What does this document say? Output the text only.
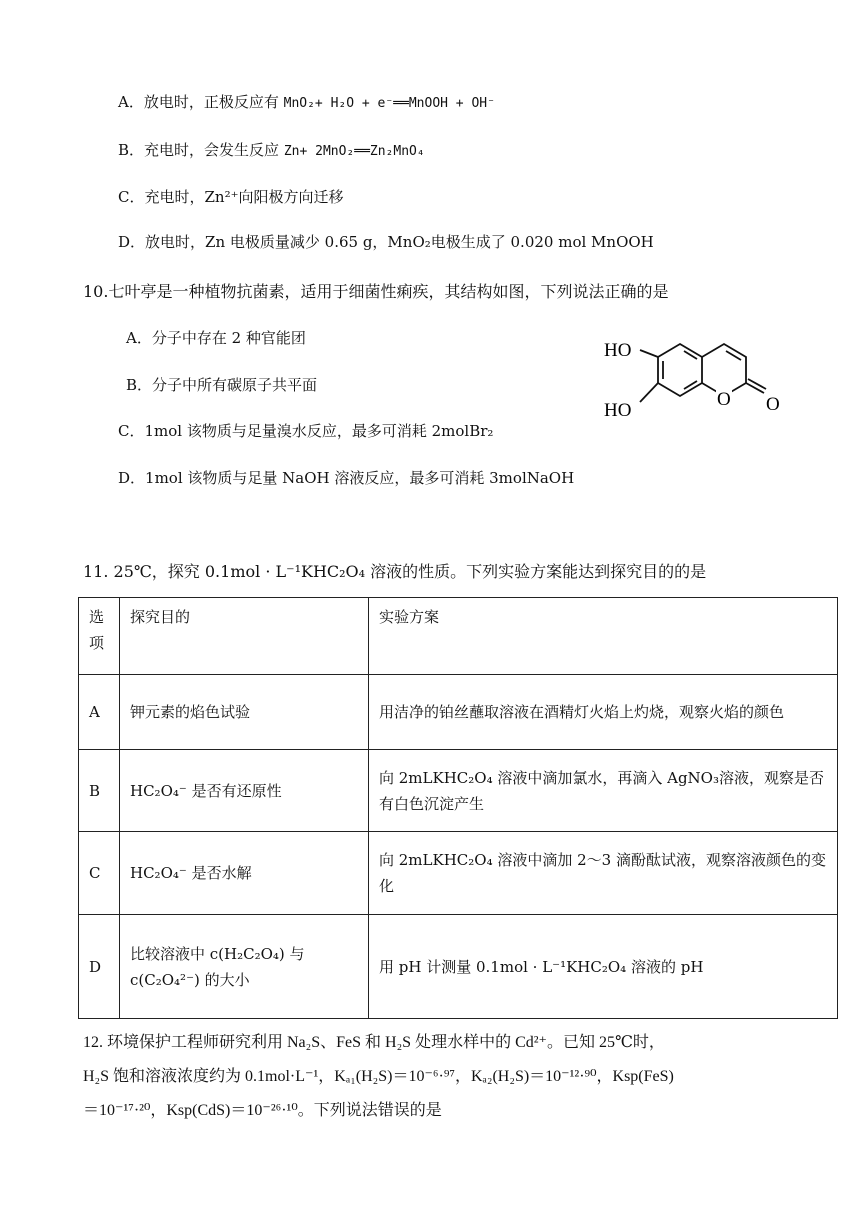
A．放电时，正极反应有 MnO₂+ H₂O + e⁻══MnOOH + OH⁻
B．充电时，会发生反应 Zn+ 2MnO₂══Zn₂MnO₄
C．充电时，Zn²⁺向阳极方向迁移
D．放电时，Zn 电极质量减少 0.65 g，MnO₂电极生成了 0.020 mol MnOOH
10.七叶亭是一种植物抗菌素，适用于细菌性痢疾，其结构如图，下列说法正确的是
A．分子中存在 2 种官能团
B．分子中所有碳原子共平面
C．1mol 该物质与足量溴水反应，最多可消耗 2molBr₂
D．1mol 该物质与足量 NaOH 溶液反应，最多可消耗 3molNaOH
HO
HO
O O
11. 25℃，探究 0.1mol · L⁻¹KHC₂O₄ 溶液的性质。下列实验方案能达到探究目的的是
选项	探究目的	实验方案
A	钾元素的焰色试验	用洁净的铂丝蘸取溶液在酒精灯火焰上灼烧，观察火焰的颜色
B	HC₂O₄⁻ 是否有还原性	向 2mLKHC₂O₄ 溶液中滴加氯水，再滴入 AgNO₃溶液，观察是否有白色沉淀产生
C	HC₂O₄⁻ 是否水解	向 2mLKHC₂O₄ 溶液中滴加 2～3 滴酚酞试液，观察溶液颜色的变化
D	比较溶液中 c(H₂C₂O₄) 与 c(C₂O₄²⁻) 的大小	用 pH 计测量 0.1mol · L⁻¹KHC₂O₄ 溶液的 pH
12. 环境保护工程师研究利用 Na₂S、FeS 和 H₂S 处理水样中的 Cd²⁺。已知 25℃时，
H₂S 饱和溶液浓度约为 0.1mol·L⁻¹，Kₐ₁(H₂S)＝10⁻⁶·⁹⁷，Kₐ₂(H₂S)＝10⁻¹²·⁹⁰，Ksp(FeS)
＝10⁻¹⁷·²⁰，Ksp(CdS)＝10⁻²⁶·¹⁰。下列说法错误的是
